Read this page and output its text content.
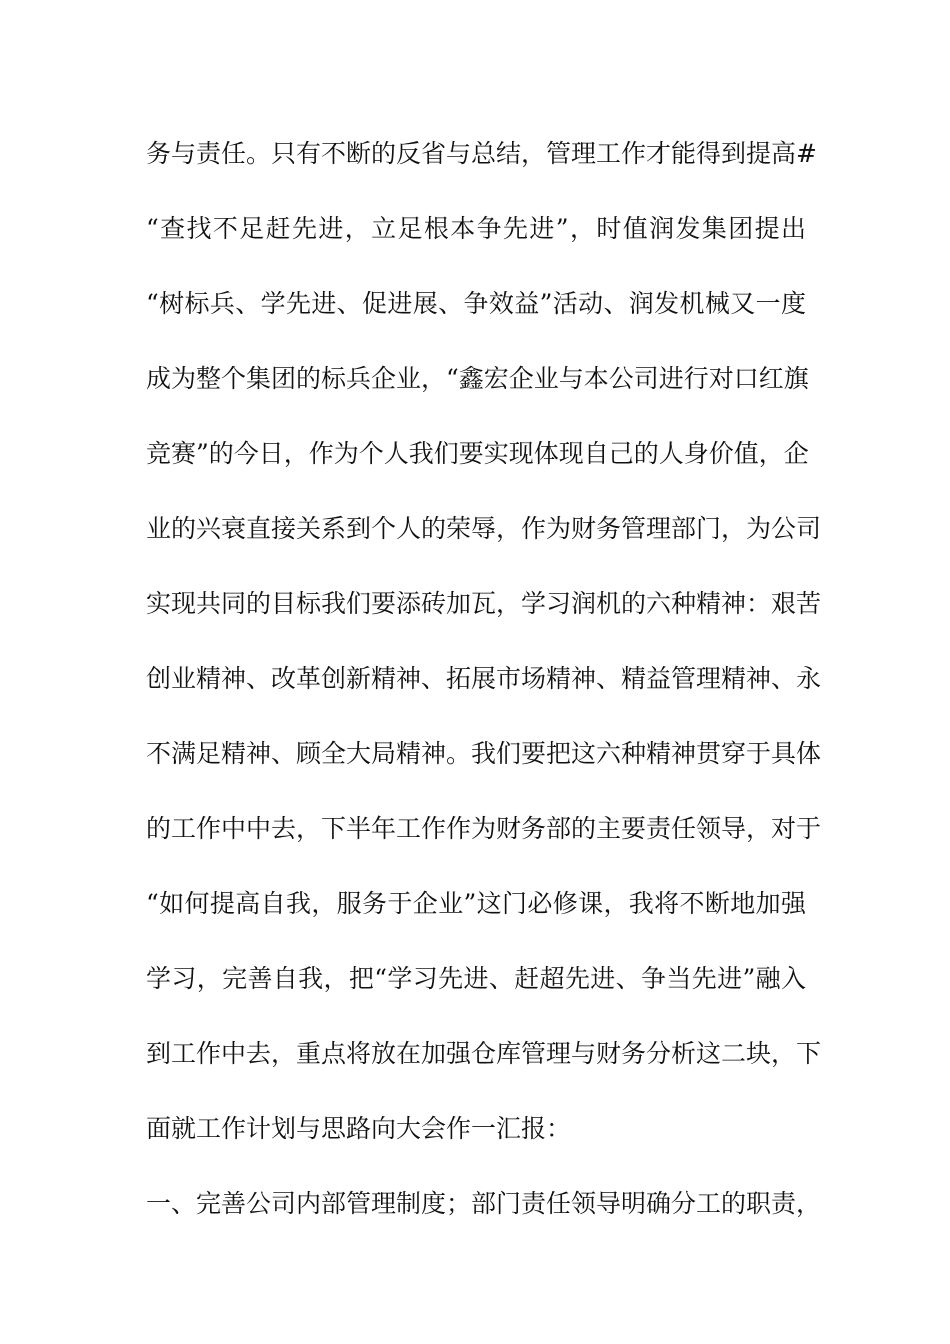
务与责任。只有不断的反省与总结，管理工作才能得到提高#
“查找不足赶先进，立足根本争先进”，时值润发集团提出
“树标兵、学先进、促进展、争效益”活动、润发机械又一度
成为整个集团的标兵企业，“鑫宏企业与本公司进行对口红旗
竞赛”的今日，作为个人我们要实现体现自己的人身价值，企
业的兴衰直接关系到个人的荣辱，作为财务管理部门，为公司
实现共同的目标我们要添砖加瓦，学习润机的六种精神：艰苦
创业精神、改革创新精神、拓展市场精神、精益管理精神、永
不满足精神、顾全大局精神。我们要把这六种精神贯穿于具体
的工作中中去，下半年工作作为财务部的主要责任领导，对于
“如何提高自我，服务于企业”这门必修课，我将不断地加强
学习，完善自我，把“学习先进、赶超先进、争当先进”融入
到工作中去，重点将放在加强仓库管理与财务分析这二块，下
面就工作计划与思路向大会作一汇报：
一、完善公司内部管理制度；部门责任领导明确分工的职责，
